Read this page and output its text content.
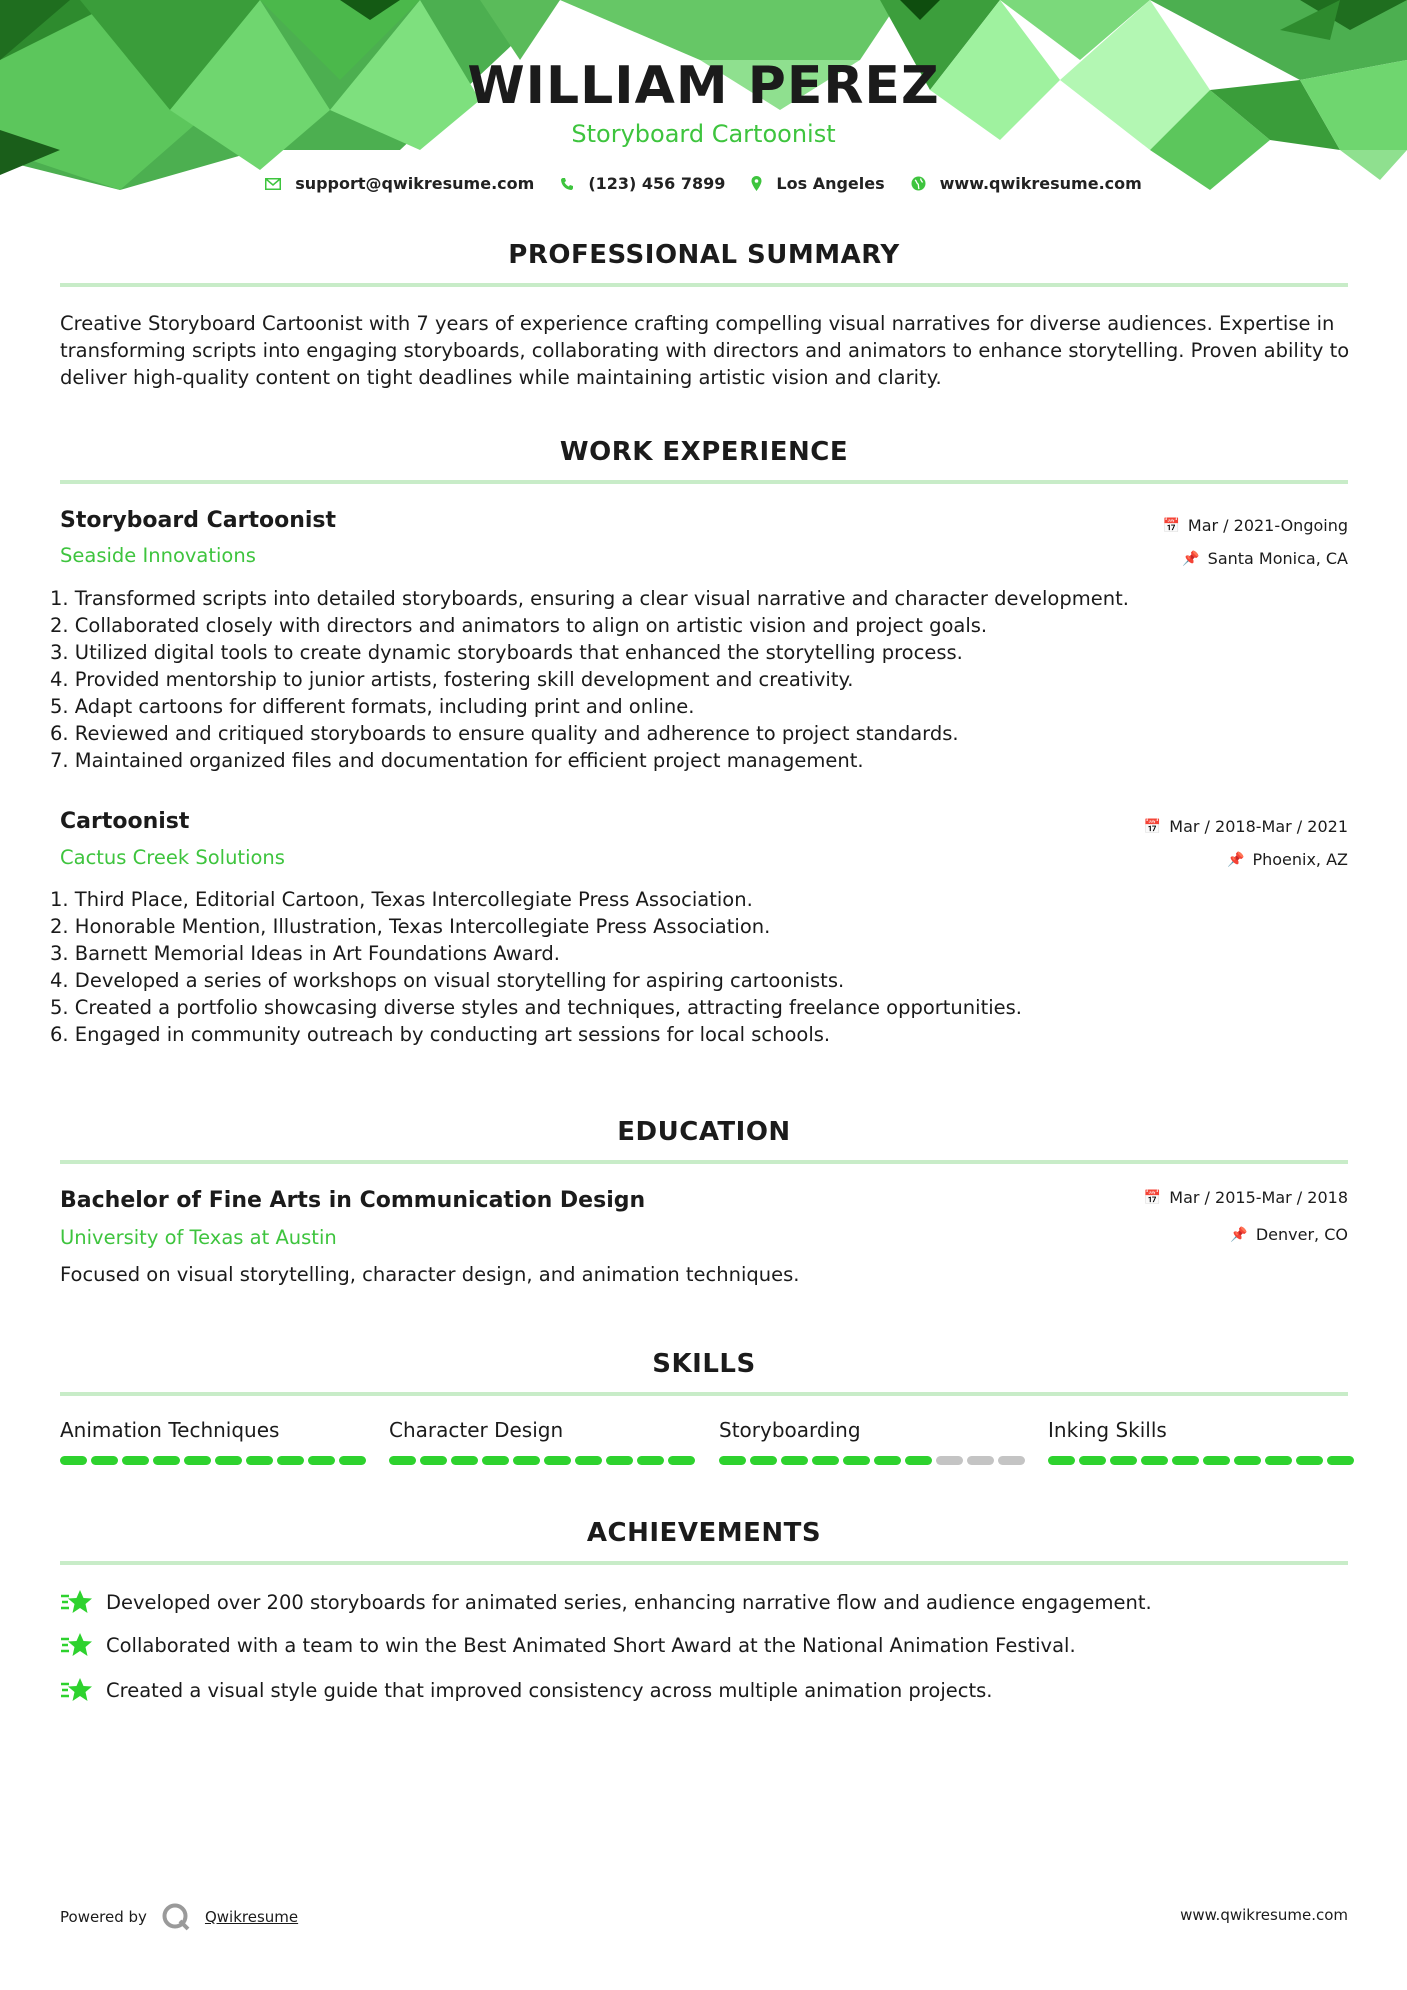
WILLIAM PEREZ
Storyboard Cartoonist
support@qwikresume.com	(123) 456 7899	Los Angeles	www.qwikresume.com
PROFESSIONAL SUMMARY
Creative Storyboard Cartoonist with 7 years of experience crafting compelling visual narratives for diverse audiences. Expertise in transforming scripts into engaging storyboards, collaborating with directors and animators to enhance storytelling. Proven ability to deliver high-quality content on tight deadlines while maintaining artistic vision and clarity.
WORK EXPERIENCE
Storyboard Cartoonist
Seaside Innovations
📅 Mar / 2021-Ongoing
📌 Santa Monica, CA
1. Transformed scripts into detailed storyboards, ensuring a clear visual narrative and character development.
2. Collaborated closely with directors and animators to align on artistic vision and project goals.
3. Utilized digital tools to create dynamic storyboards that enhanced the storytelling process.
4. Provided mentorship to junior artists, fostering skill development and creativity.
5. Adapt cartoons for different formats, including print and online.
6. Reviewed and critiqued storyboards to ensure quality and adherence to project standards.
7. Maintained organized files and documentation for efficient project management.
Cartoonist
Cactus Creek Solutions
📅 Mar / 2018-Mar / 2021
📌 Phoenix, AZ
1. Third Place, Editorial Cartoon, Texas Intercollegiate Press Association.
2. Honorable Mention, Illustration, Texas Intercollegiate Press Association.
3. Barnett Memorial Ideas in Art Foundations Award.
4. Developed a series of workshops on visual storytelling for aspiring cartoonists.
5. Created a portfolio showcasing diverse styles and techniques, attracting freelance opportunities.
6. Engaged in community outreach by conducting art sessions for local schools.
EDUCATION
Bachelor of Fine Arts in Communication Design
University of Texas at Austin
📅 Mar / 2015-Mar / 2018
📌 Denver, CO
Focused on visual storytelling, character design, and animation techniques.
SKILLS
Animation Techniques	Character Design	Storyboarding	Inking Skills
ACHIEVEMENTS
Developed over 200 storyboards for animated series, enhancing narrative flow and audience engagement.
Collaborated with a team to win the Best Animated Short Award at the National Animation Festival.
Created a visual style guide that improved consistency across multiple animation projects.
Powered by	Qwikresume	www.qwikresume.com
